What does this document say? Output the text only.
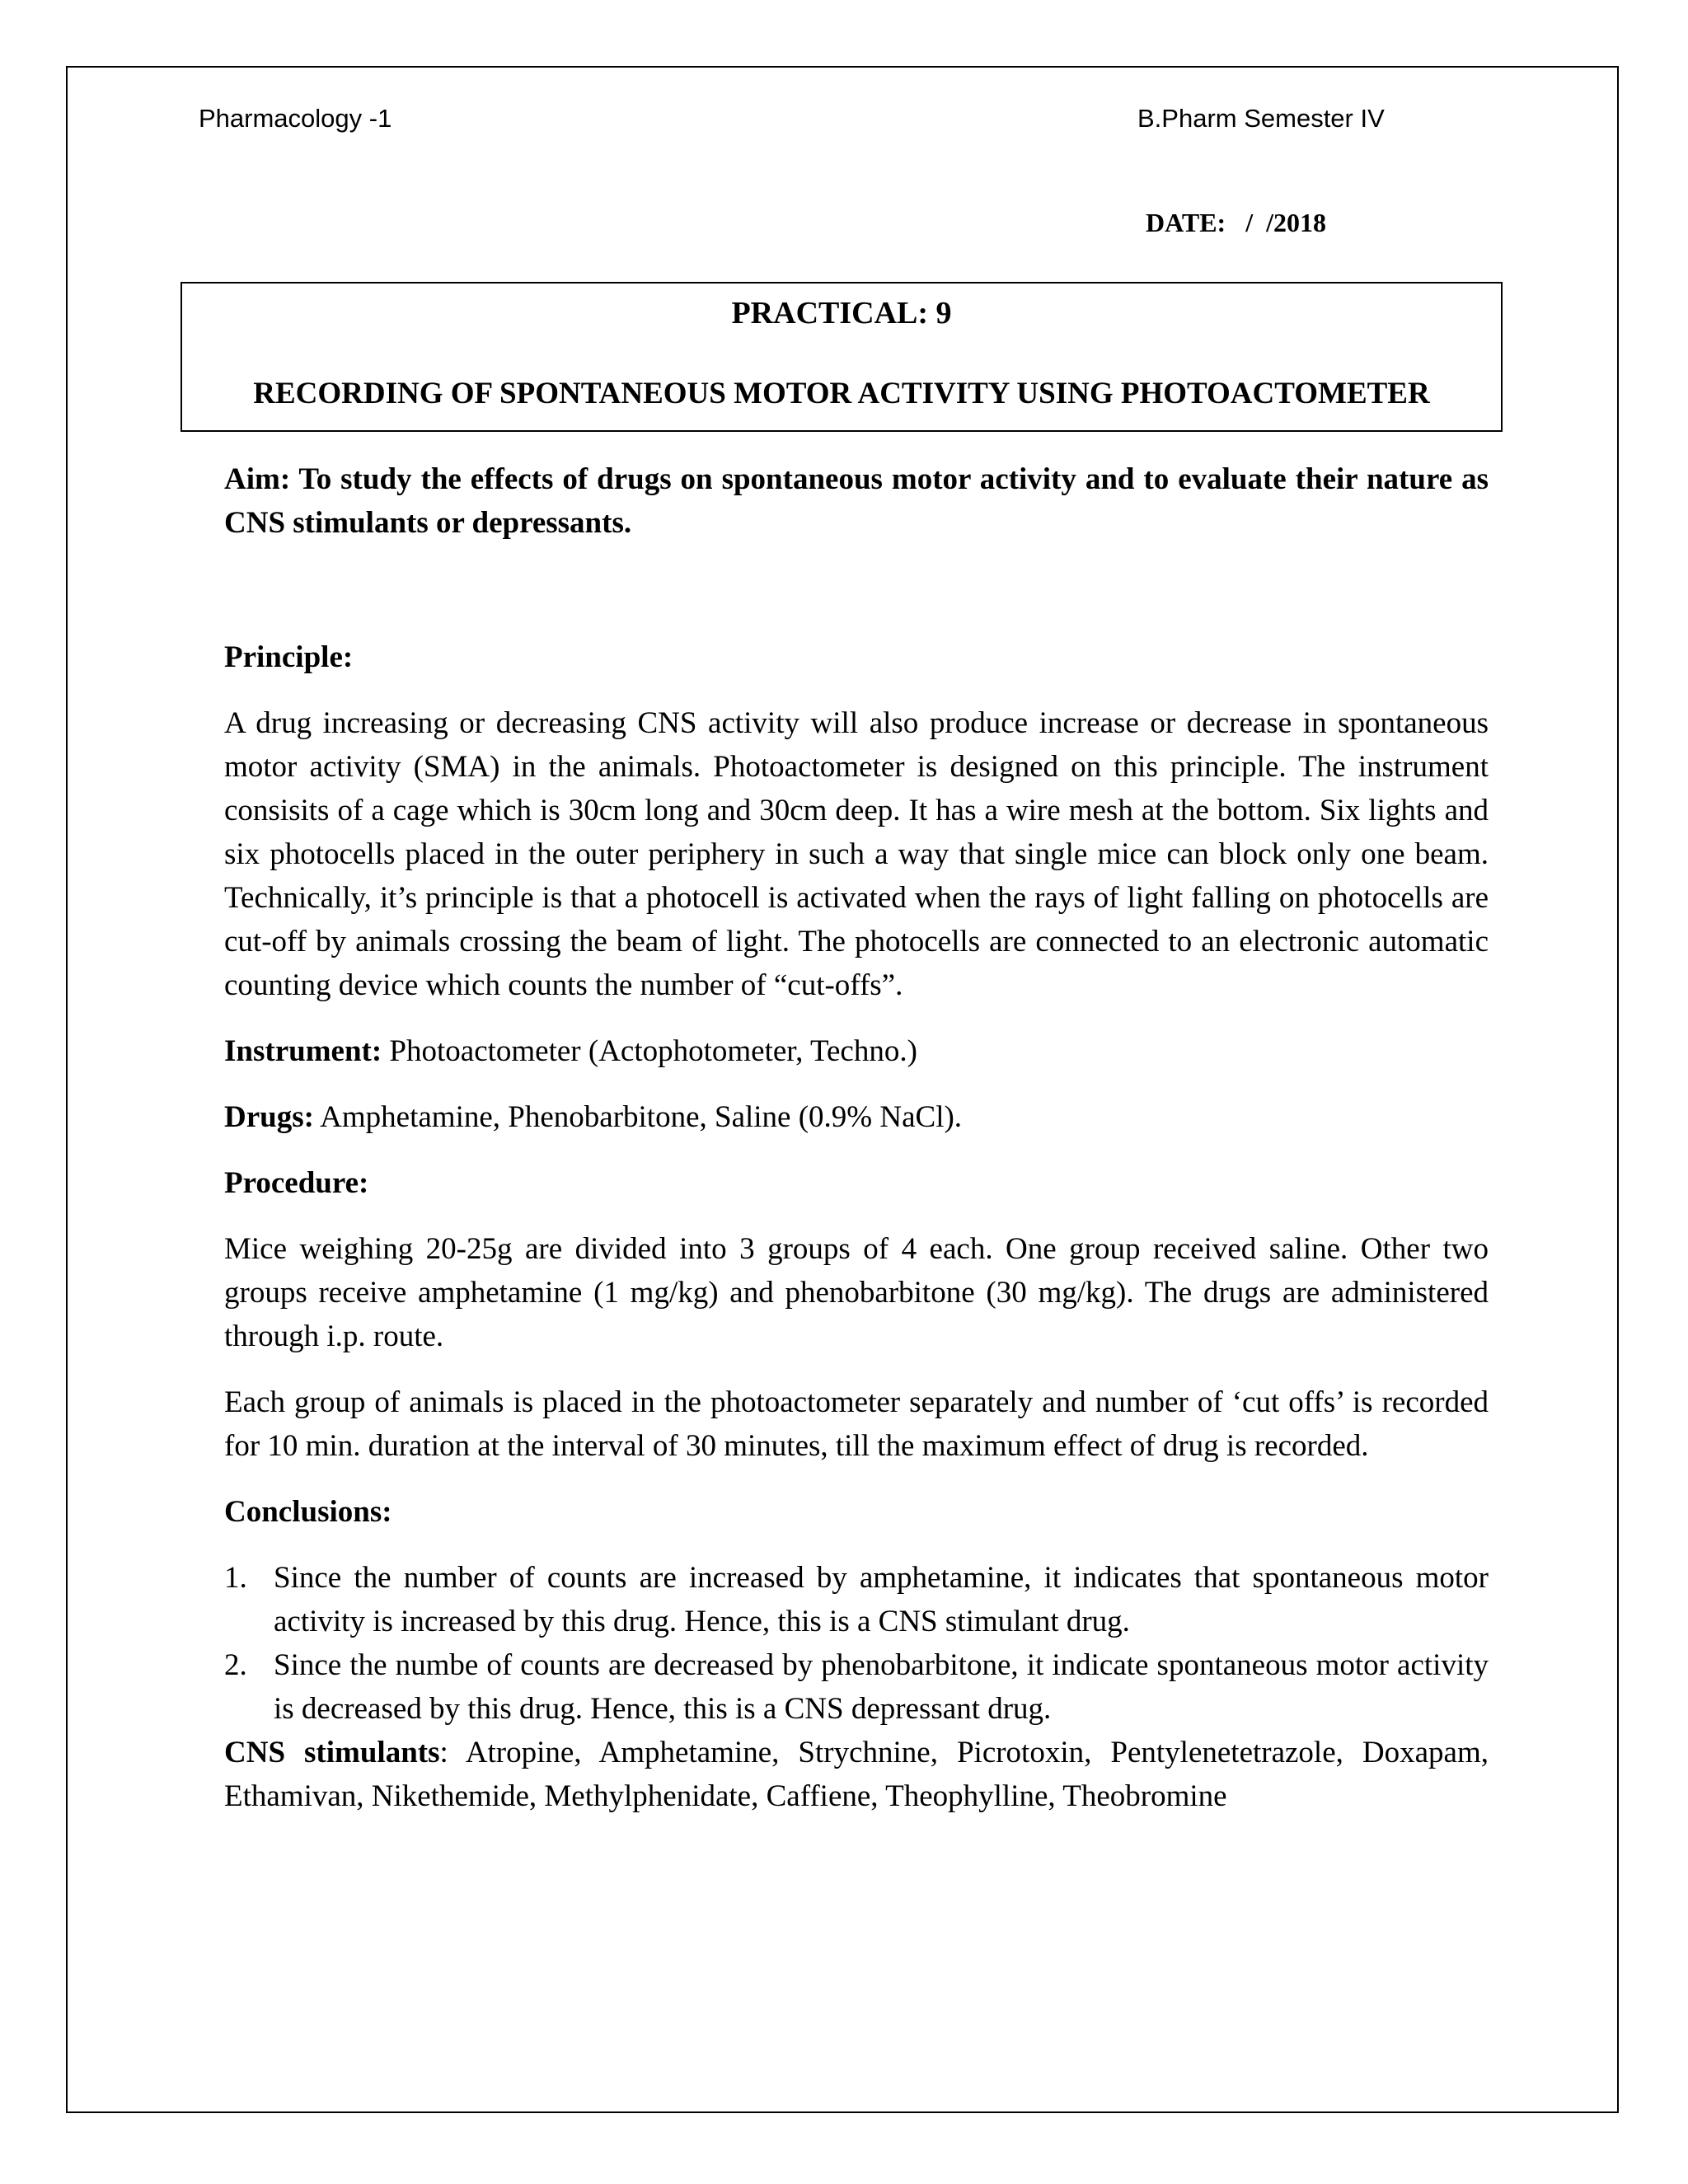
Pharmacology -1	B.Pharm Semester IV
DATE:   /  /2018
PRACTICAL: 9
RECORDING OF SPONTANEOUS MOTOR ACTIVITY USING PHOTOACTOMETER

Aim: To study the effects of drugs on spontaneous motor activity and to evaluate their nature as CNS stimulants or depressants.

Principle:

A drug increasing or decreasing CNS activity will also produce increase or decrease in spontaneous motor activity (SMA) in the animals. Photoactometer is designed on this principle. The instrument consisits of a cage which is 30cm long and 30cm deep. It has a wire mesh at the bottom. Six lights and six photocells placed in the outer periphery in such a way that single mice can block only one beam. Technically, it’s principle is that a photocell is activated when the rays of light falling on photocells are cut-off by animals crossing the beam of light. The photocells are connected to an electronic automatic counting device which counts the number of “cut-offs”.

Instrument: Photoactometer (Actophotometer, Techno.)

Drugs: Amphetamine, Phenobarbitone, Saline (0.9% NaCl).

Procedure:

Mice weighing 20-25g are divided into 3 groups of 4 each. One group received saline. Other two groups receive amphetamine (1 mg/kg) and phenobarbitone (30 mg/kg). The drugs are administered through i.p. route.

Each group of animals is placed in the photoactometer separately and number of ‘cut offs’ is recorded for 10 min. duration at the interval of 30 minutes, till the maximum effect of drug is recorded.

Conclusions:

1. Since the number of counts are increased by amphetamine, it indicates that spontaneous motor activity is increased by this drug. Hence, this is a CNS stimulant drug.
2. Since the numbe of counts are decreased by phenobarbitone, it indicate spontaneous motor activity is decreased by this drug. Hence, this is a CNS depressant drug.

CNS stimulants: Atropine, Amphetamine, Strychnine, Picrotoxin, Pentylenetetrazole, Doxapam, Ethamivan, Nikethemide, Methylphenidate, Caffiene, Theophylline, Theobromine
